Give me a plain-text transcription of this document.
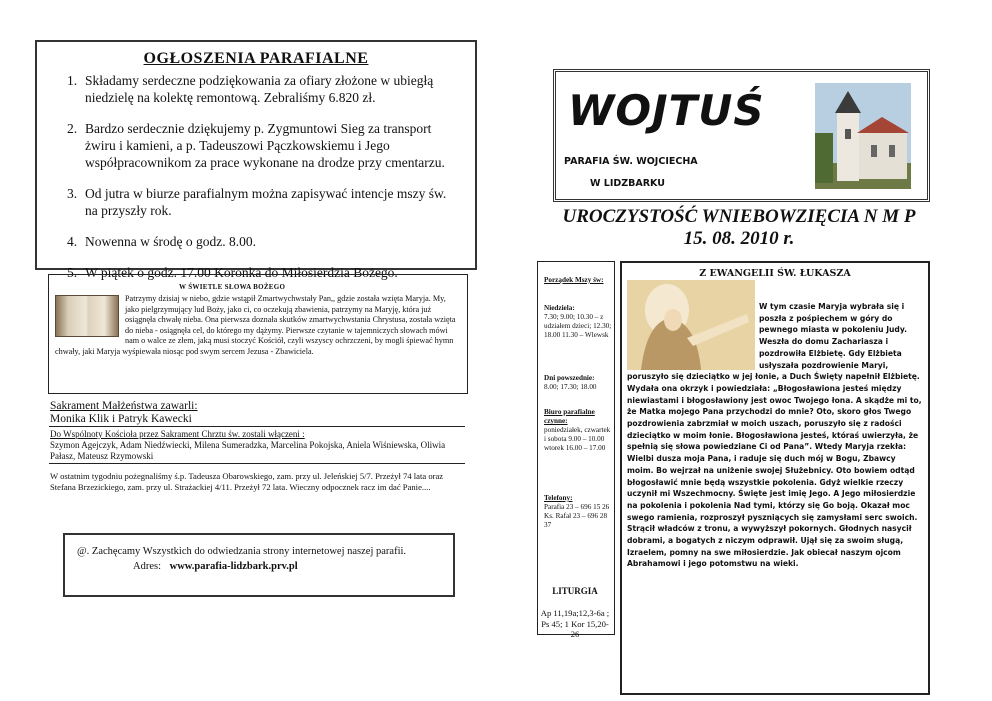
OGŁOSZENIA PARAFIALNE
1. Składamy serdeczne podziękowania za ofiary złożone w ubiegłą niedzielę na kolektę remontową. Zebraliśmy 6.820 zł.
2. Bardzo serdecznie dziękujemy p. Zygmuntowi Sieg za transport żwiru i kamieni, a p. Tadeuszowi Pączkowskiemu i Jego współpracownikom za prace wykonane na drodze przy cmentarzu.
3. Od jutra w biurze parafialnym można zapisywać intencje mszy św. na przyszły rok.
4. Nowenna w środę o godz. 8.00.
5. W piątek o godz. 17.00 Koronka do Miłosierdzia Bożego.
W ŚWIETLE SŁOWA BOŻEGO
Patrzymy dzisiaj w niebo, gdzie wstąpił Zmartwychwstały Pan,, gdzie została wzięta Maryja. My, jako pielgrzymujący lud Boży, jako ci, co oczekują zbawienia, patrzymy na Maryję, która już osiągnęła chwałę nieba. Ona pierwsza doznała skutków zmartwychwstania Chrystusa, została wzięta do nieba - osiągnęła cel, do którego my dążymy. Pierwsze czytanie w tajemniczych słowach mówi nam o walce ze złem, jaką musi stoczyć Kościół, czyli wszyscy ochrzczeni, by mogli śpiewać hymn chwały, jaki Maryja wyśpiewała niosąc pod swym sercem Jezusa - Zbawiciela.
Sakrament Małżeństwa zawarli:
Monika Klik i Patryk Kawecki
Do Wspólnoty Kościoła przez Sakrament Chrztu św. zostali włączeni :
Szymon Agejczyk, Adam Niedźwiecki, Milena Sumeradzka, Marcelina Pokojska, Aniela Wiśniewska, Oliwia Pałasz, Mateusz Rzymowski
W ostatnim tygodniu pożegnaliśmy ś.p. Tadeusza Obarowskiego, zam. przy ul. Jeleńskiej 5/7. Przeżył 74 lata oraz Stefana Brzezickiego, zam. przy ul. Strażackiej 4/11. Przeżył 72 lata. Wieczny odpocznek racz im dać Panie....
@. Zachęcamy Wszystkich do odwiedzania strony internetowej naszej parafii.
Adres: www.parafia-lidzbark.prv.pl
WOJTUŚ
PARAFIA ŚW. WOJCIECHA
W LIDZBARKU
UROCZYSTOŚĆ WNIEBOWZIĘCIA N M P
15. 08. 2010 r.
Porządek Mszy św:
Niedziela:
7.30; 9.00; 10.30 – z udziałem dzieci; 12.30; 18.00 11.30 – Wlewsk
Dni powszednie:
8.00; 17.30; 18.00
Biuro parafialne czynne:
poniedziałek, czwartek i sobota 9.00 – 10.00 wtorek 16.00 – 17.00
Telefony:
Parafia 23 – 696 15 26 Ks. Rafał 23 – 696 28 37
LITURGIA
Ap 11,19a;12,3-6a ; Ps 45; 1 Kor 15,20-26
Z EWANGELII ŚW. ŁUKASZA
W tym czasie Maryja wybrała się i poszła z pośpiechem w góry do pewnego miasta w pokoleniu Judy. Weszła do domu Zachariasza i pozdrowiła Elżbietę. Gdy Elżbieta usłyszała pozdrowienie Maryi, poruszyło się dzieciątko w jej łonie, a Duch Święty napełnił Elżbietę. Wydała ona okrzyk i powiedziała: „Błogosławiona jesteś między niewiastami i błogosławiony jest owoc Twojego łona. A skądże mi to, że Matka mojego Pana przychodzi do mnie? Oto, skoro głos Twego pozdrowienia zabrzmiał w moich uszach, poruszyło się z radości dzieciątko w moim łonie. Błogosławiona jesteś, któraś uwierzyła, że spełnią się słowa powiedziane Ci od Pana”. Wtedy Maryja rzekła: Wielbi dusza moja Pana, i raduje się duch mój w Bogu, Zbawcy moim. Bo wejrzał na uniżenie swojej Służebnicy. Oto bowiem odtąd błogosławić mnie będą wszystkie pokolenia. Gdyż wielkie rzeczy uczynił mi Wszechmocny. Święte jest imię Jego. A Jego miłosierdzie na pokolenia i pokolenia Nad tymi, którzy się Go boją. Okazał moc swego ramienia, rozproszył pyszniących się zamysłami serc swoich. Strącił władców z tronu, a wywyższył pokornych. Głodnych nasycił dobrami, a bogatych z niczym odprawił. Ujął się za swoim sługą, Izraelem, pomny na swe miłosierdzie. Jak obiecał naszym ojcom Abrahamowi i jego potomstwu na wieki.
